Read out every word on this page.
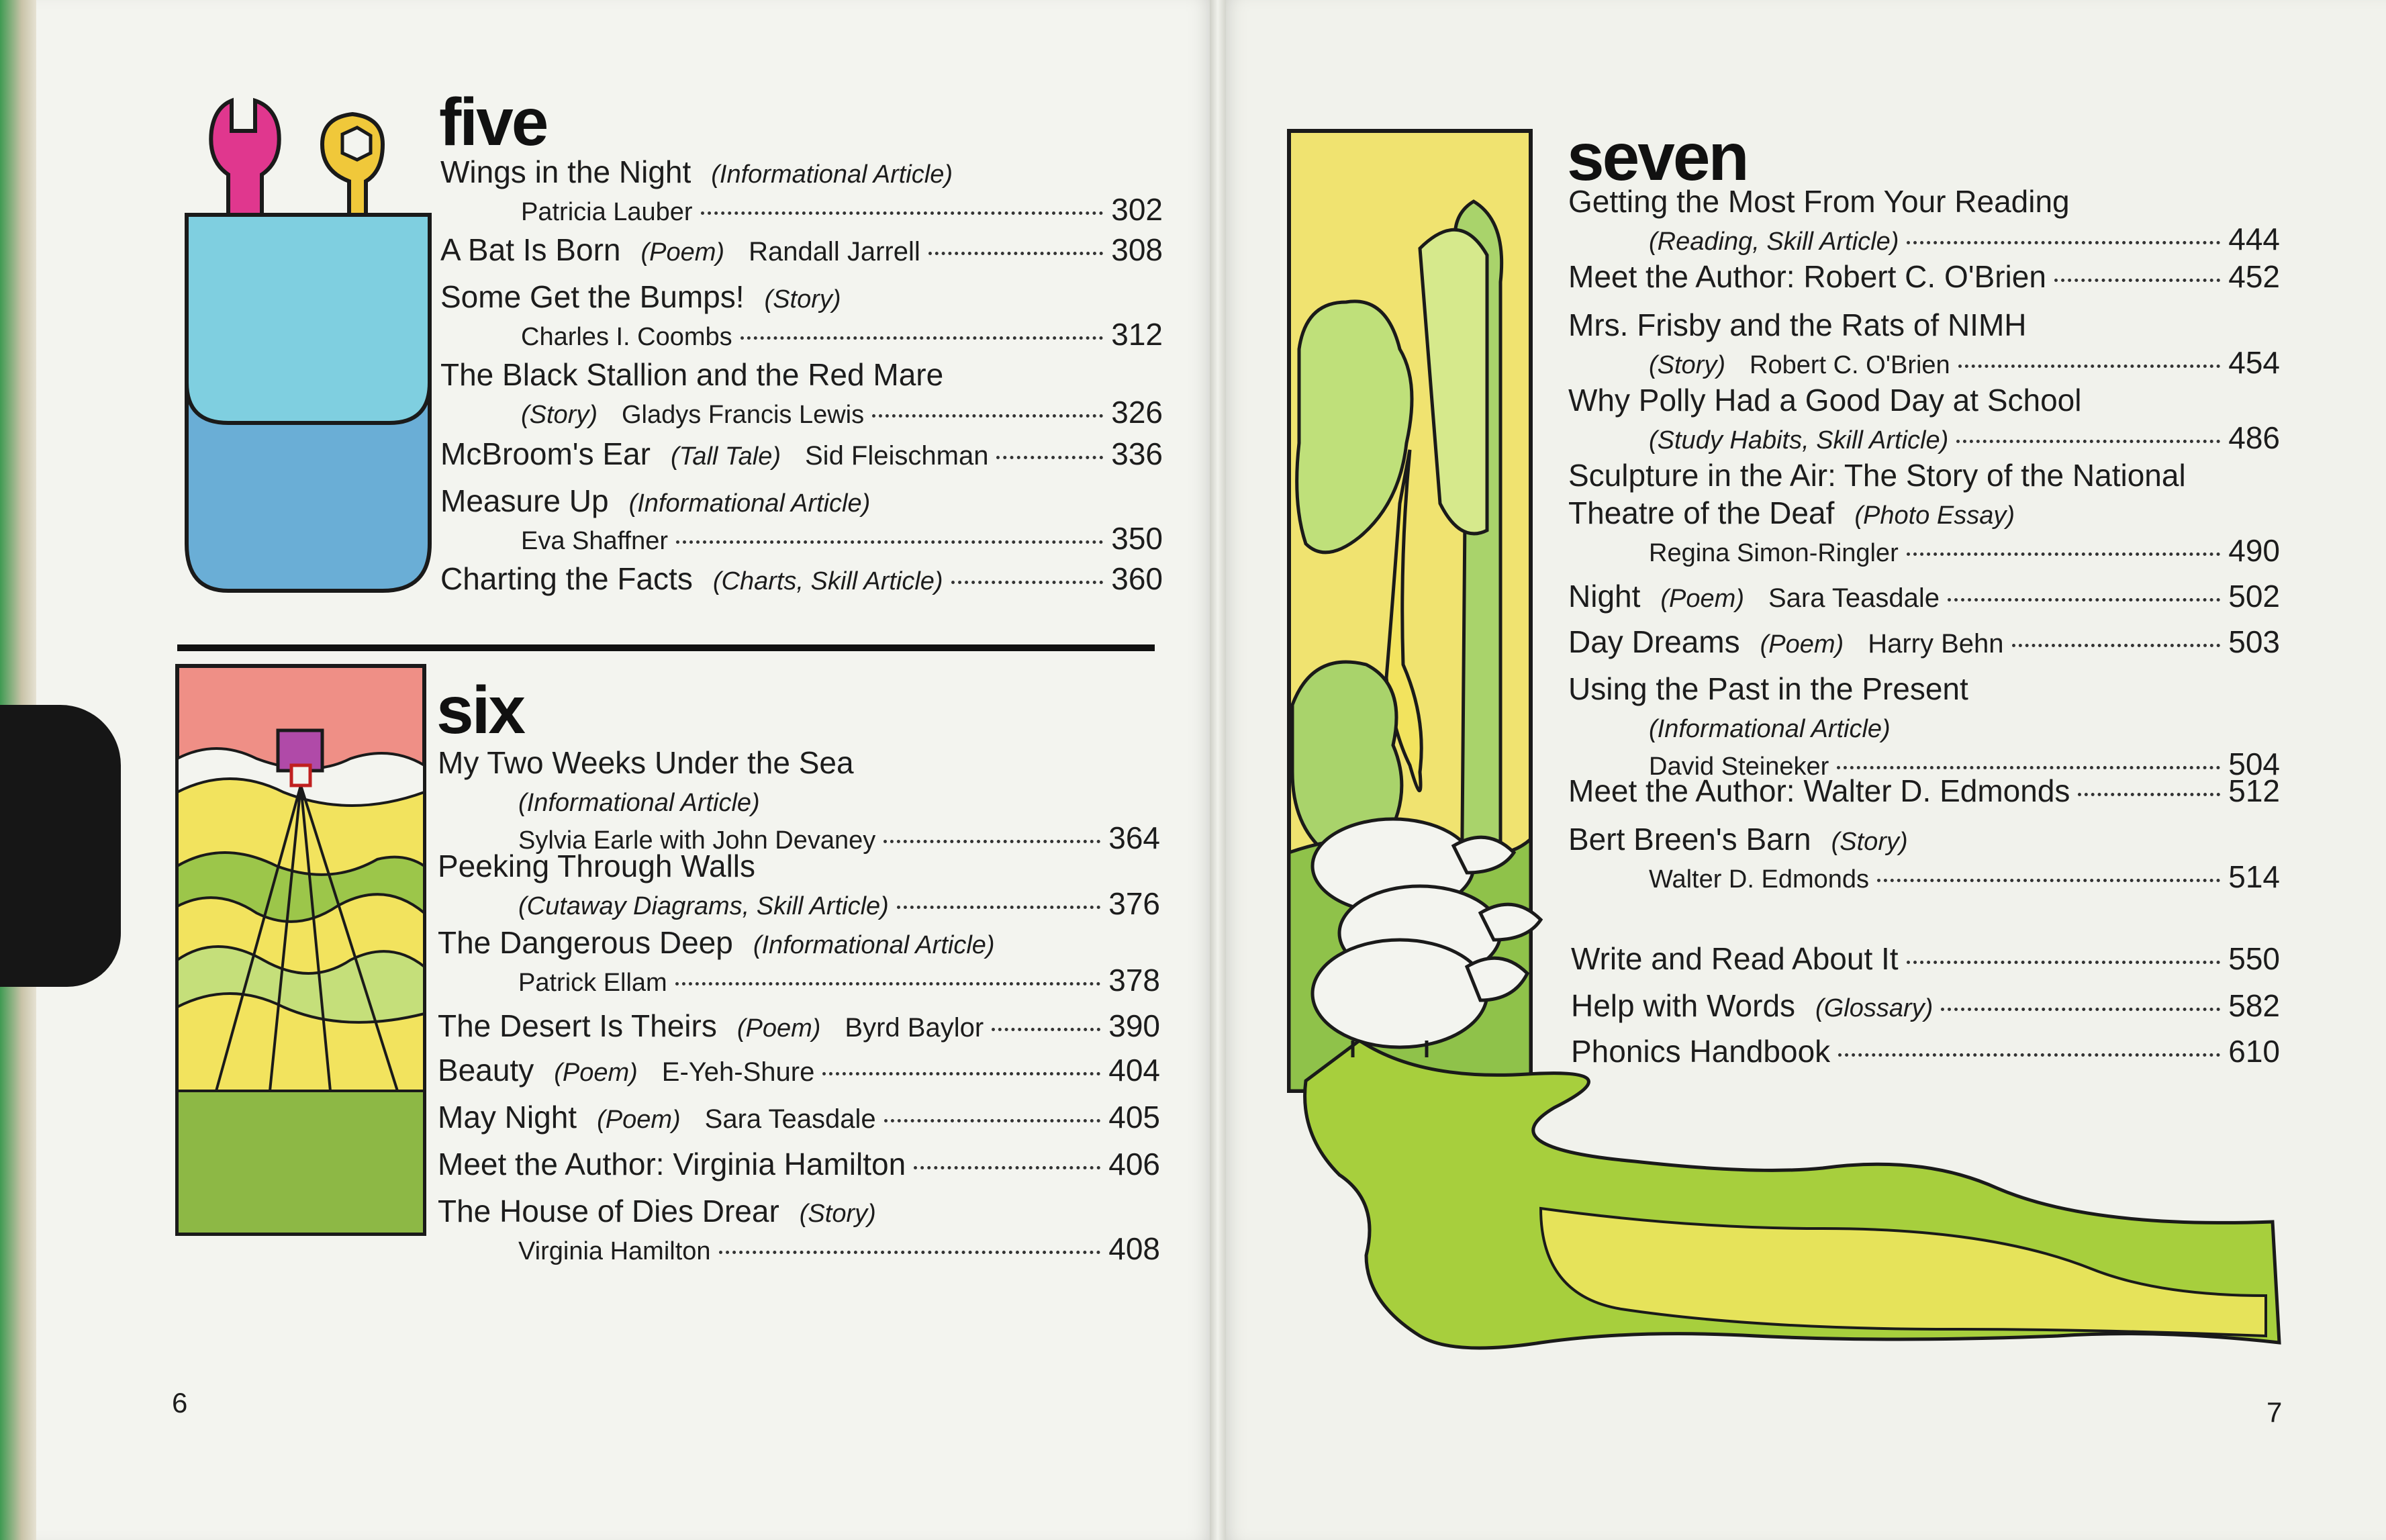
five
Wings in the Night (Informational Article)
Patricia Lauber	302
A Bat Is Born (Poem) Randall Jarrell	308
Some Get the Bumps! (Story)
Charles I. Coombs	312
The Black Stallion and the Red Mare
(Story) Gladys Francis Lewis	326
McBroom's Ear (Tall Tale) Sid Fleischman	336
Measure Up (Informational Article)
Eva Shaffner	350
Charting the Facts (Charts, Skill Article)	360
six
My Two Weeks Under the Sea
(Informational Article)
Sylvia Earle with John Devaney	364
Peeking Through Walls
(Cutaway Diagrams, Skill Article)	376
The Dangerous Deep (Informational Article)
Patrick Ellam	378
The Desert Is Theirs (Poem) Byrd Baylor	390
Beauty (Poem) E-Yeh-Shure	404
May Night (Poem) Sara Teasdale	405
Meet the Author: Virginia Hamilton	406
The House of Dies Drear (Story)
Virginia Hamilton	408
6
seven
Getting the Most From Your Reading
(Reading, Skill Article)	444
Meet the Author: Robert C. O'Brien	452
Mrs. Frisby and the Rats of NIMH
(Story) Robert C. O'Brien	454
Why Polly Had a Good Day at School
(Study Habits, Skill Article)	486
Sculpture in the Air: The Story of the National
Theatre of the Deaf (Photo Essay)
Regina Simon-Ringler	490
Night (Poem) Sara Teasdale	502
Day Dreams (Poem) Harry Behn	503
Using the Past in the Present
(Informational Article)
David Steineker	504
Meet the Author: Walter D. Edmonds	512
Bert Breen's Barn (Story)
Walter D. Edmonds	514
Write and Read About It	550
Help with Words (Glossary)	582
Phonics Handbook	610
7
